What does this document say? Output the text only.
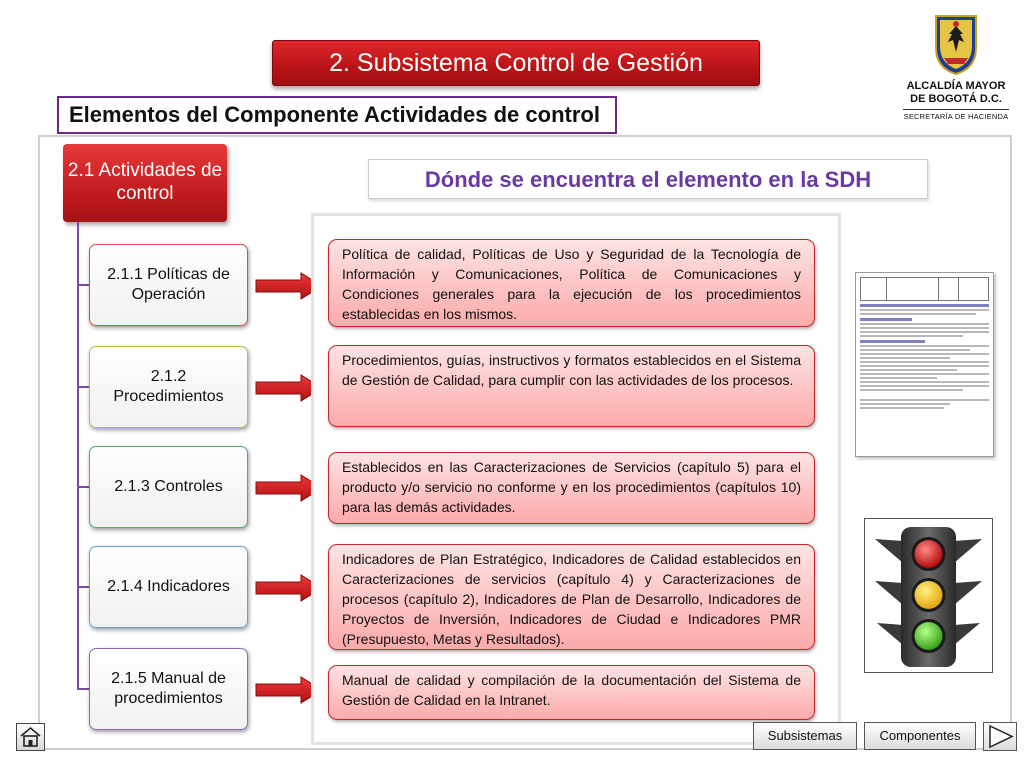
2. Subsistema Control de Gestión
Elementos del Componente Actividades de control
ALCALDÍA MAYOR
DE BOGOTÁ D.C.
SECRETARÍA DE HACIENDA
2.1 Actividades de control
2.1.1 Políticas de Operación
2.1.2 Procedimientos
2.1.3 Controles
2.1.4 Indicadores
2.1.5 Manual de procedimientos
Dónde se encuentra el elemento en la SDH
Política de calidad, Políticas de Uso y Seguridad de la Tecnología de Información y Comunicaciones, Política de Comunicaciones y Condiciones generales para la ejecución de los procedimientos establecidas en los mismos.
Procedimientos, guías, instructivos y formatos establecidos en el Sistema de Gestión de Calidad, para cumplir con las actividades de los procesos.
Establecidos en las Caracterizaciones de Servicios (capítulo 5) para el producto y/o servicio no conforme y en los procedimientos (capítulos 10) para las demás actividades.
Indicadores de Plan Estratégico, Indicadores de Calidad establecidos en Caracterizaciones de servicios (capítulo 4) y Caracterizaciones de procesos (capítulo 2), Indicadores de Plan de Desarrollo, Indicadores de Proyectos de Inversión, Indicadores de Ciudad e Indicadores PMR (Presupuesto, Metas y Resultados).
Manual de calidad y compilación de la documentación del Sistema de Gestión de Calidad en la Intranet.
Subsistemas	Componentes
